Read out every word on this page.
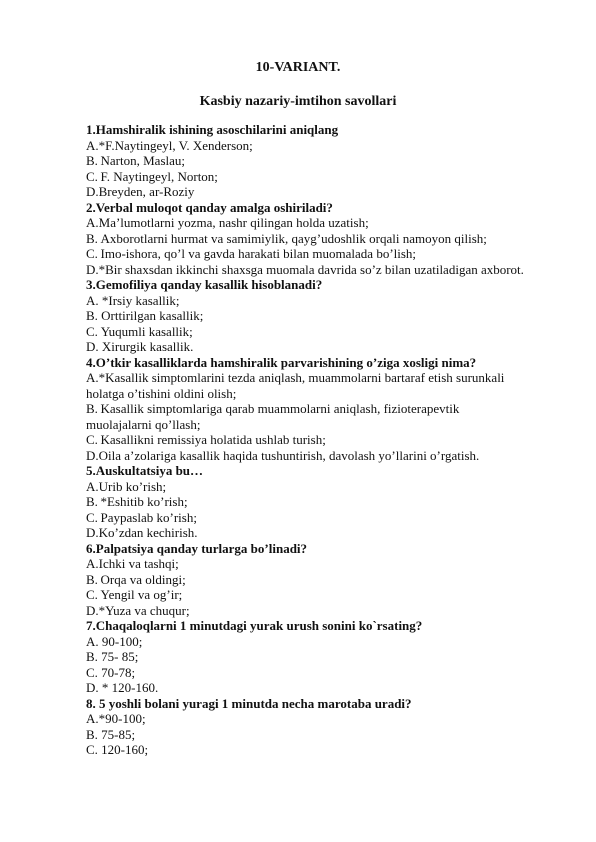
10-VARIANT.
Kasbiy nazariy-imtihon savollari

1.Hamshiralik ishining asoschilarini aniqlang

A.*F.Naytingeyl, V. Xenderson;

B. Narton, Maslau;

C. F. Naytingeyl, Norton;

D.Breyden, ar-Roziy

2.Verbal muloqot qanday amalga oshiriladi?

A.Ma’lumotlarni yozma, nashr qilingan holda uzatish;

B. Axborotlarni hurmat va samimiylik, qayg’udoshlik orqali namoyon qilish;

C. Imo-ishora, qo’l va gavda harakati bilan muomalada bo’lish;

D.*Bir shaxsdan ikkinchi shaxsga muomala davrida so’z bilan uzatiladigan axborot.

3.Gemofiliya qanday kasallik hisoblanadi?

A. *Irsiy kasallik;

B. Orttirilgan kasallik;

C. Yuqumli kasallik;

D. Xirurgik kasallik.

4.O’tkir kasalliklarda hamshiralik parvarishining o’ziga xosligi nima?

A.*Kasallik simptomlarini tezda aniqlash, muammolarni bartaraf etish surunkali holatga o’tishini oldini olish;

B. Kasallik simptomlariga qarab muammolarni aniqlash, fizioterapevtik muolajalarni qo’llash;

C. Kasallikni remissiya holatida ushlab turish;

D.Oila a’zolariga kasallik haqida tushuntirish, davolash yo’llarini o’rgatish.

5.Auskultatsiya bu…

A.Urib ko’rish;

B. *Eshitib ko’rish;

C. Paypaslab ko’rish;

D.Ko’zdan kechirish.

6.Palpatsiya qanday turlarga bo’linadi?

A.Ichki va tashqi;

B. Orqa va oldingi;

C. Yengil va og’ir;

D.*Yuza va chuqur;

7.Chaqaloqlarni 1 minutdagi yurak urush sonini ko`rsating?

A. 90-100;

B. 75- 85;

C. 70-78;

D. * 120-160.

8. 5 yoshli bolani yuragi 1 minutda necha marotaba uradi?

A.*90-100;

B. 75-85;

C. 120-160;
